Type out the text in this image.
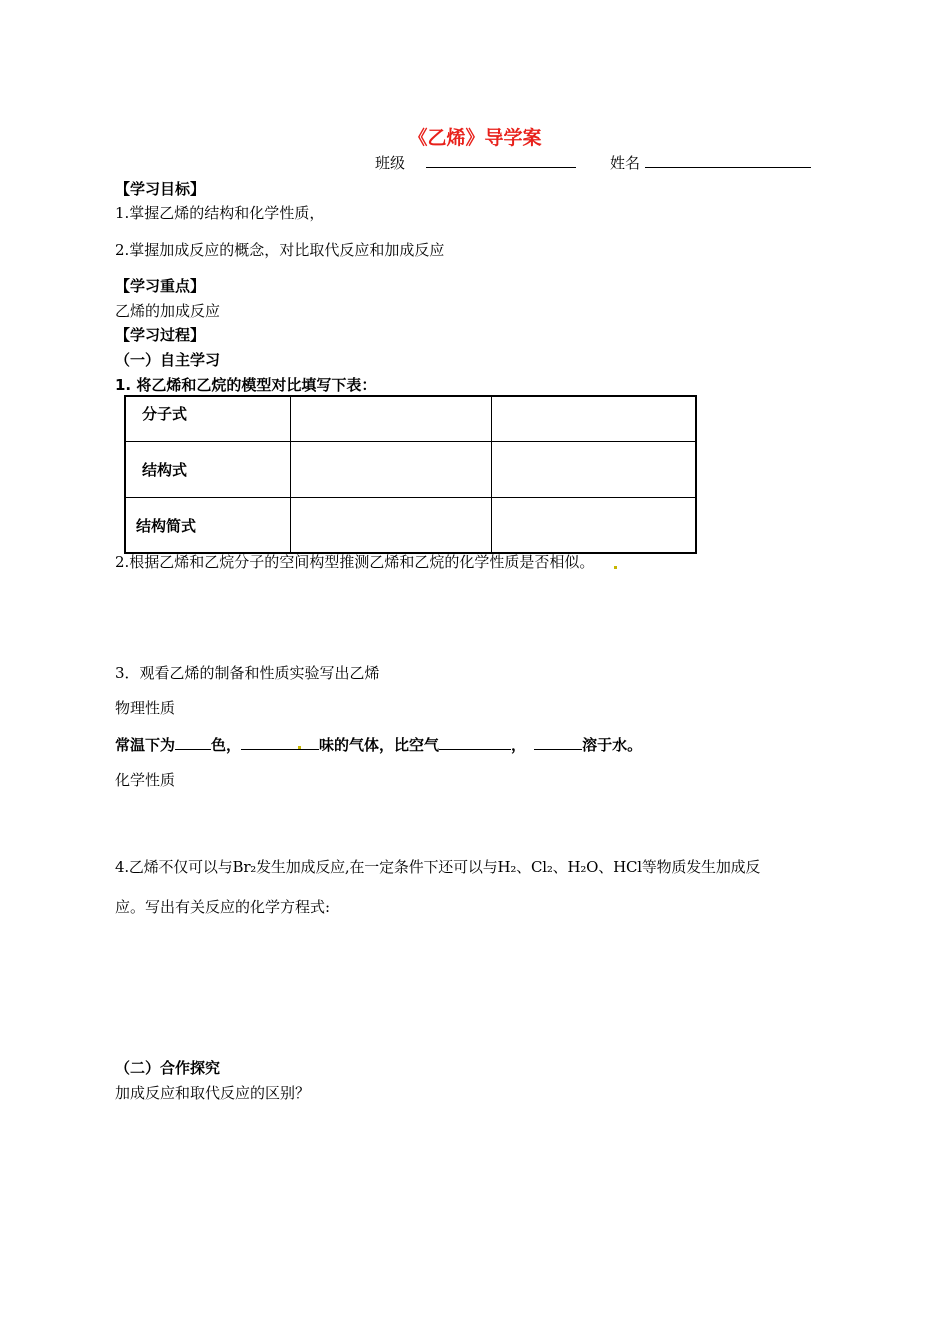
《乙烯》导学案
班级	姓名
【学习目标】
1.掌握乙烯的结构和化学性质，
2.掌握加成反应的概念，对比取代反应和加成反应
【学习重点】
乙烯的加成反应
【学习过程】
（一）自主学习
1. 将乙烯和乙烷的模型对比填写下表：
分子式		
结构式		
结构简式		
2.根据乙烯和乙烷分子的空间构型推测乙烯和乙烷的化学性质是否相似。
3．观看乙烯的制备和性质实验写出乙烯
物理性质
常温下为 色，	味的气体，比空气	，	溶于水。
化学性质
4.乙烯不仅可以与Br₂发生加成反应,在一定条件下还可以与H₂、Cl₂、H₂O、HCl等物质发生加成反
应。写出有关反应的化学方程式:
（二）合作探究
加成反应和取代反应的区别？
